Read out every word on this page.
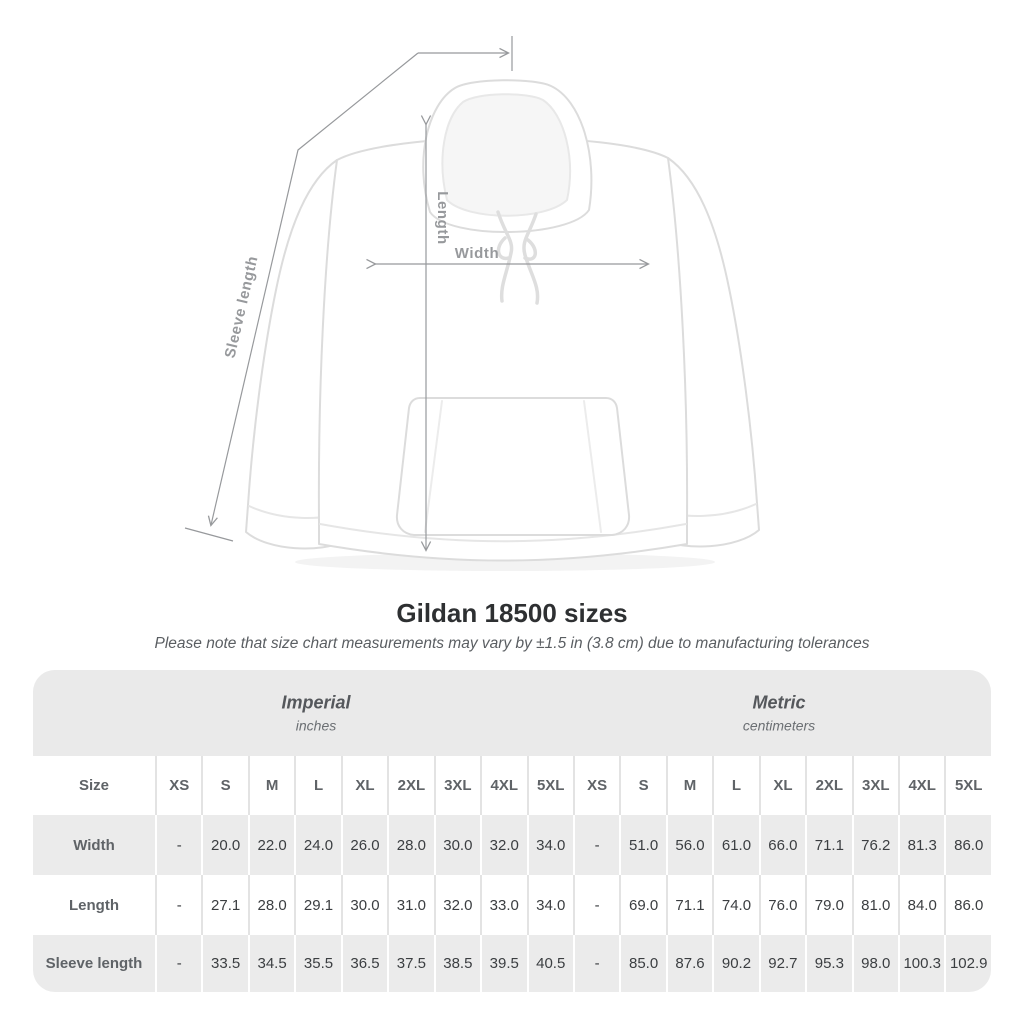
Length
Width
Sleeve length
Gildan 18500 sizes
Please note that size chart measurements may vary by ±1.5 in (3.8 cm) due to manufacturing tolerances
Imperial
inches
Metric
centimeters
Size	XS	S	M	L	XL	2XL	3XL	4XL	5XL	XS	S	M	L	XL	2XL	3XL	4XL	5XL
Width	-	20.0	22.0	24.0	26.0	28.0	30.0	32.0	34.0	-	51.0	56.0	61.0	66.0	71.1	76.2	81.3	86.0
Length	-	27.1	28.0	29.1	30.0	31.0	32.0	33.0	34.0	-	69.0	71.1	74.0	76.0	79.0	81.0	84.0	86.0
Sleeve length	-	33.5	34.5	35.5	36.5	37.5	38.5	39.5	40.5	-	85.0	87.6	90.2	92.7	95.3	98.0	100.3	102.9
